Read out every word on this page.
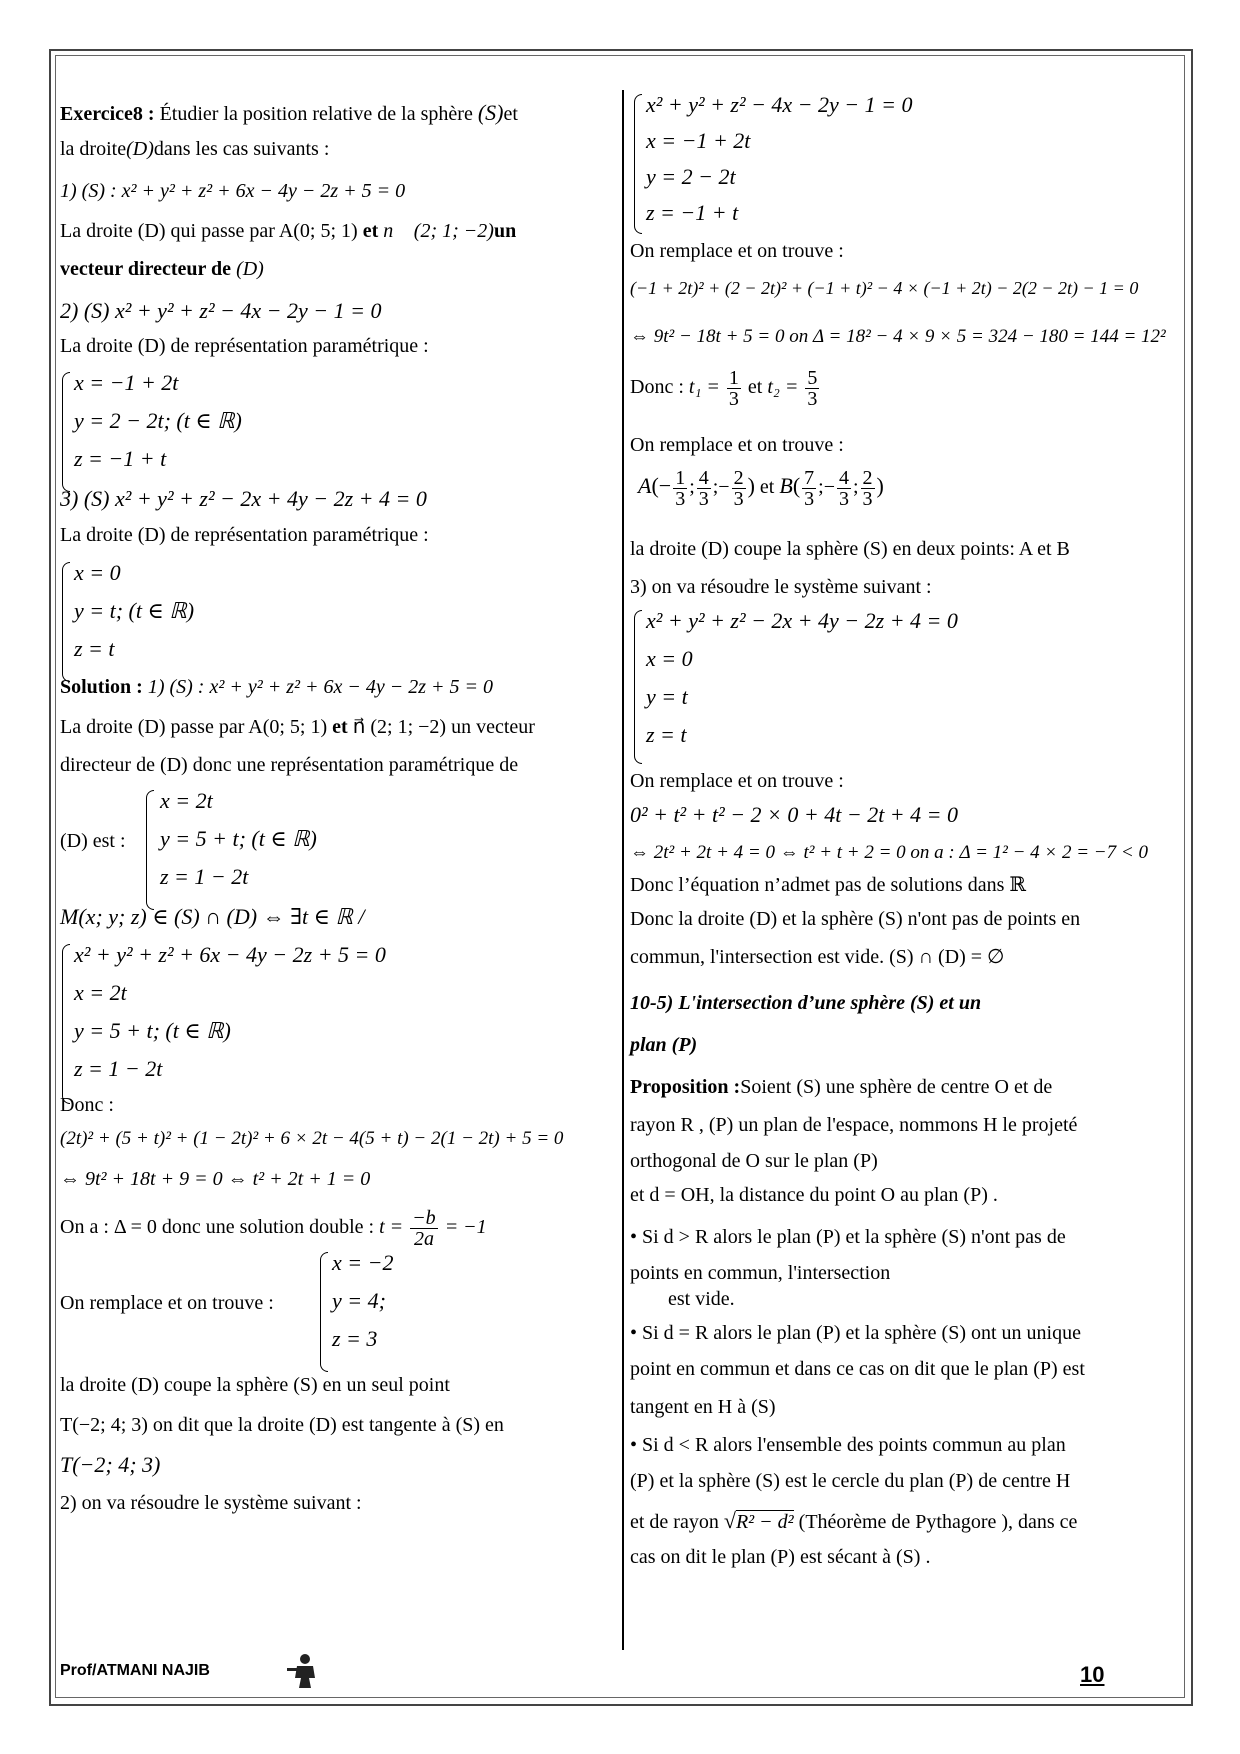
Exercice8 : Étudier la position relative de la sphère (S)et
la droite(D)dans les cas suivants :
1) (S) : x² + y² + z² + 6x − 4y − 2z + 5 = 0
La droite (D) qui passe par A(0; 5; 1) et n⃗ (2; 1; −2)un
vecteur directeur de (D)
2) (S) x² + y² + z² − 4x − 2y − 1 = 0
La droite (D) de représentation paramétrique :
x = −1 + 2t
y = 2 − 2t; (t ∈ ℝ)
z = −1 + t
3) (S) x² + y² + z² − 2x + 4y − 2z + 4 = 0
La droite (D) de représentation paramétrique :
x = 0
y = t; (t ∈ ℝ)
z = t
Solution : 1) (S) : x² + y² + z² + 6x − 4y − 2z + 5 = 0
La droite (D) passe par A(0; 5; 1) et n⃗ (2; 1; −2) un vecteur
directeur de (D) donc une représentation paramétrique de
(D) est :
x = 2t
y = 5 + t; (t ∈ ℝ)
z = 1 − 2t
M(x; y; z) ∈ (S) ∩ (D) ⇔ ∃t ∈ ℝ /
x² + y² + z² + 6x − 4y − 2z + 5 = 0
x = 2t
y = 5 + t; (t ∈ ℝ)
z = 1 − 2t
Donc :
(2t)² + (5 + t)² + (1 − 2t)² + 6 × 2t − 4(5 + t) − 2(1 − 2t) + 5 = 0
⇔ 9t² + 18t + 9 = 0 ⇔ t² + 2t + 1 = 0
On a : Δ = 0 donc une solution double : $t = \frac{-b}{2a} = -1$
On remplace et on trouve :
x = −2
y = 4;
z = 3
la droite (D) coupe la sphère (S) en un seul point
T(−2; 4; 3) on dit que la droite (D) est tangente à (S) en
T(−2; 4; 3)
2) on va résoudre le système suivant :
x² + y² + z² − 4x − 2y − 1 = 0
x = −1 + 2t
y = 2 − 2t
z = −1 + t
On remplace et on trouve :
(−1 + 2t)² + (2 − 2t)² + (−1 + t)² − 4 × (−1 + 2t) − 2(2 − 2t) − 1 = 0
⇔ 9t² − 18t + 5 = 0 on Δ = 18² − 4 × 9 × 5 = 324 − 180 = 144 = 12²
Donc : $t_1 = \frac{1}{3}$ et $t_2 = \frac{5}{3}$
On remplace et on trouve :
$A(- \frac{1}{3}$ ; $\frac{4}{3}$ ;− $\frac{2}{3}$ ) et $B( \frac{7}{3}$ ;− $\frac{4}{3}$ ; $\frac{2}{3}$ )
la droite (D) coupe la sphère (S) en deux points: A et B
3) on va résoudre le système suivant :
x² + y² + z² − 2x + 4y − 2z + 4 = 0
x = 0
y = t
z = t
On remplace et on trouve :
0² + t² + t² − 2 × 0 + 4t − 2t + 4 = 0
⇔ 2t² + 2t + 4 = 0 ⇔ t² + t + 2 = 0 on a : Δ = 1² − 4 × 2 = −7 < 0
Donc l’équation n’admet pas de solutions dans ℝ
Donc la droite (D) et la sphère (S) n'ont pas de points en
commun, l'intersection est vide. (S) ∩ (D) = ∅
10-5) L'intersection d’une sphère (S) et un
plan (P)
Proposition :Soient (S) une sphère de centre O et de
rayon R , (P) un plan de l'espace, nommons H le projeté
orthogonal de O sur le plan (P)
et d = OH, la distance du point O au plan (P) .
• Si d > R alors le plan (P) et la sphère (S) n'ont pas de
points en commun, l'intersection
est vide.
• Si d = R alors le plan (P) et la sphère (S) ont un unique
point en commun et dans ce cas on dit que le plan (P) est
tangent en H à (S)
• Si d < R alors l'ensemble des points commun au plan
(P) et la sphère (S) est le cercle du plan (P) de centre H
et de rayon √R² − d² (Théorème de Pythagore ), dans ce
cas on dit le plan (P) est sécant à (S) .
Prof/ATMANI NAJIB	10
